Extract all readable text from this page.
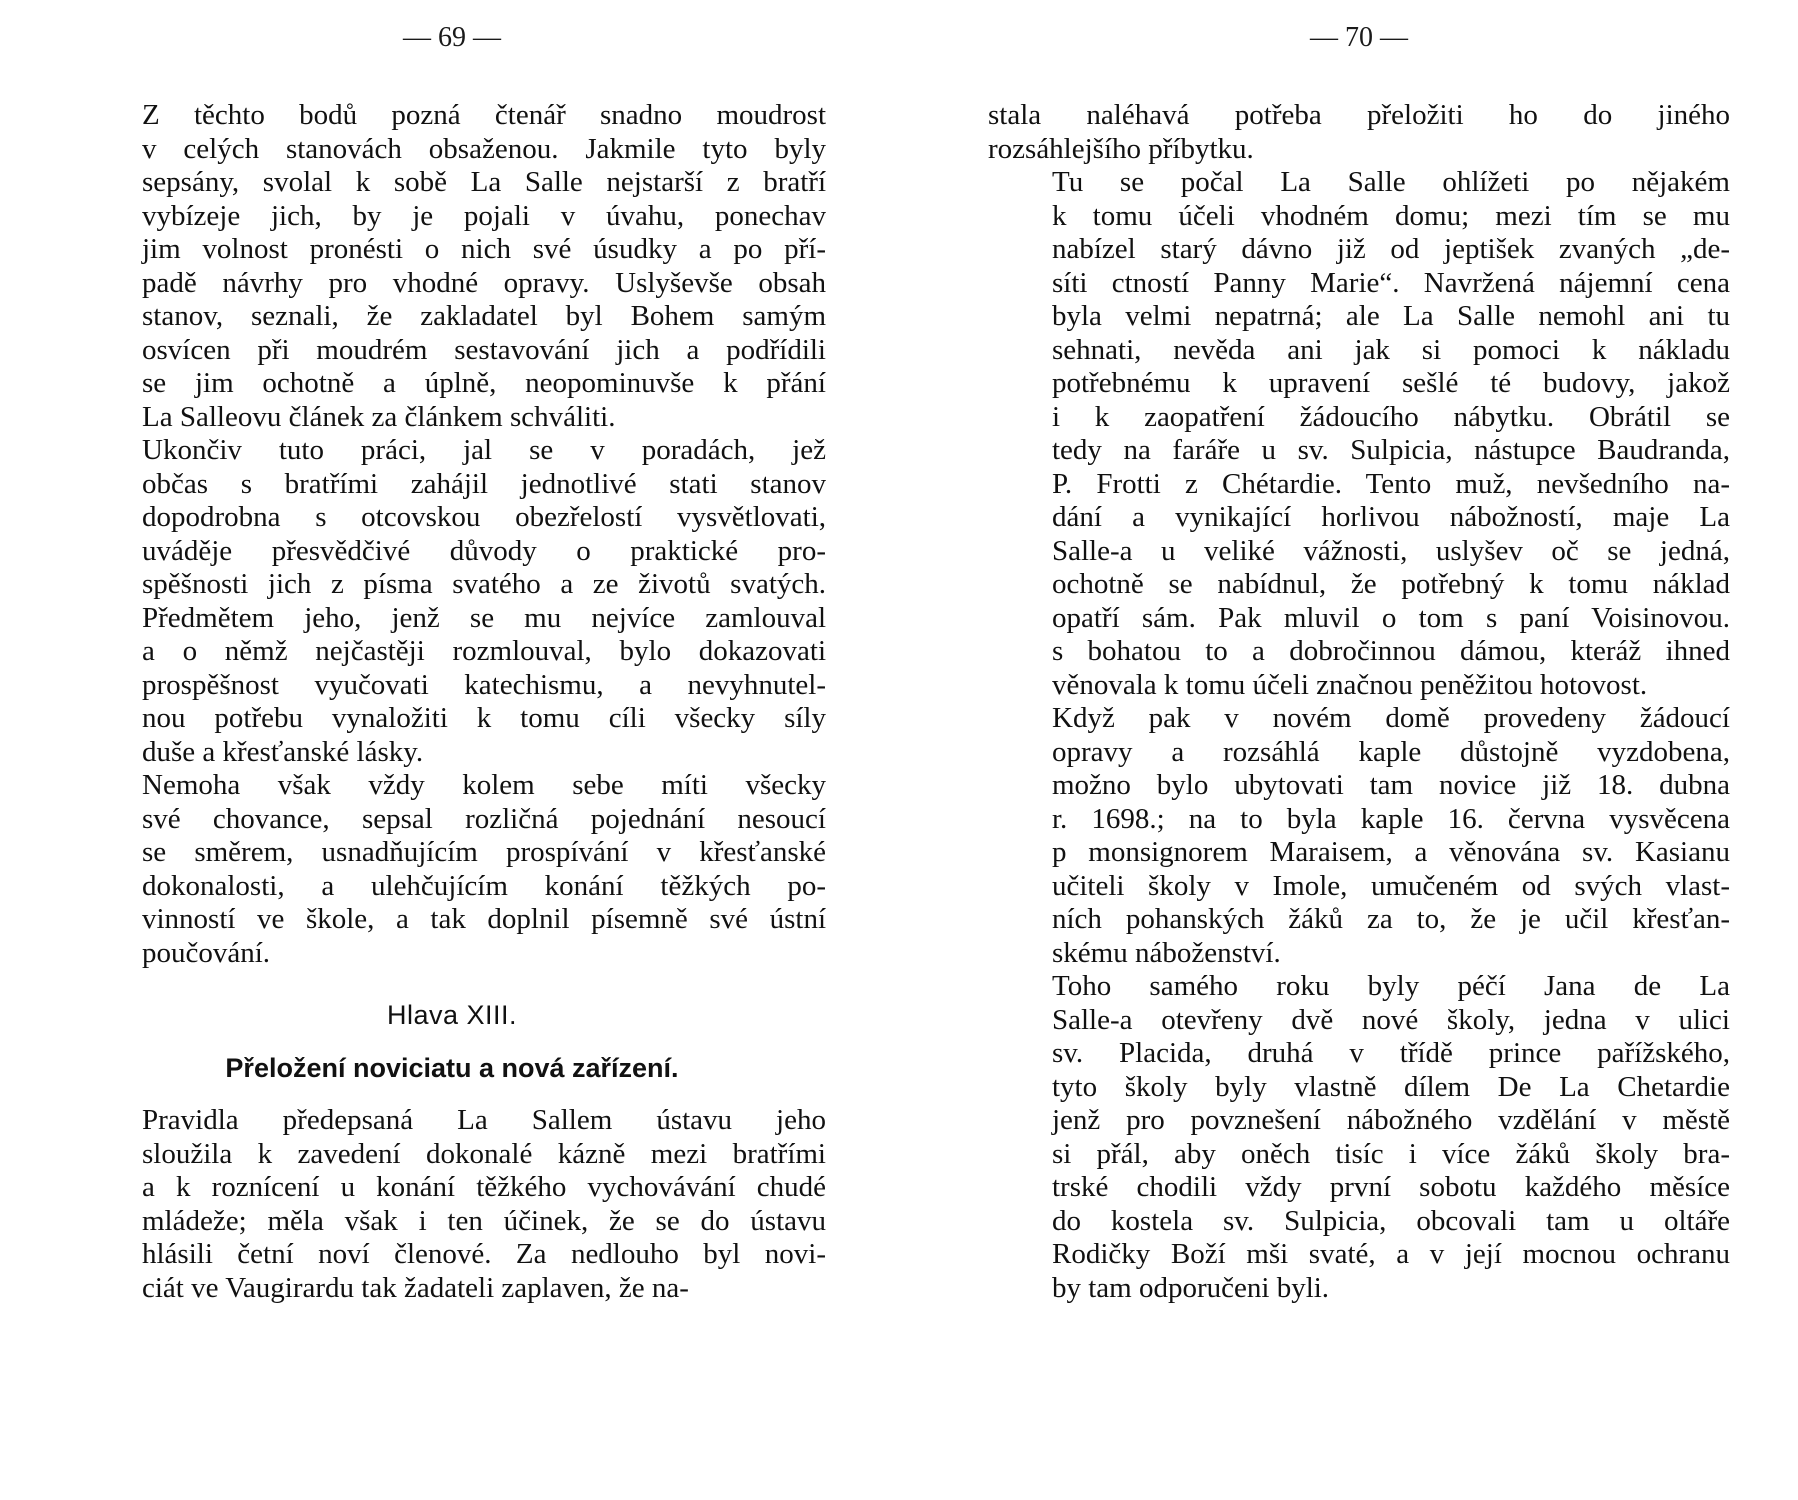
— 69 —

Z těchto bodů pozná čtenář snadno moudrost
v celých stanovách obsaženou. Jakmile tyto byly
sepsány, svolal k sobě La Salle nejstarší z bratří
vybízeje jich, by je pojali v úvahu, ponechav
jim volnost pronésti o nich své úsudky a po pří-
padě návrhy pro vhodné opravy. Uslyševše obsah
stanov, seznali, že zakladatel byl Bohem samým
osvícen při moudrém sestavování jich a podřídili
se jim ochotně a úplně, neopominuvše k přání
La Salleovu článek za článkem schváliti.

Ukončiv tuto práci, jal se v poradách, jež
občas s bratřími zahájil jednotlivé stati stanov
dopodrobna s otcovskou obezřelostí vysvětlovati,
uváděje přesvědčivé důvody o praktické pro-
spěšnosti jich z písma svatého a ze životů svatých.
Předmětem jeho, jenž se mu nejvíce zamlouval
a o němž nejčastěji rozmlouval, bylo dokazovati
prospěšnost vyučovati katechismu, a nevyhnutel-
nou potřebu vynaložiti k tomu cíli všecky síly
duše a křesťanské lásky.

Nemoha však vždy kolem sebe míti všecky
své chovance, sepsal rozličná pojednání nesoucí
se směrem, usnadňujícím prospívání v křesťanské
dokonalosti, a ulehčujícím konání těžkých po-
vinností ve škole, a tak doplnil písemně své ústní
poučování.

Hlava XIII.
Přeložení noviciatu a nová zařízení.

Pravidla předepsaná La Sallem ústavu jeho
sloužila k zavedení dokonalé kázně mezi bratřími
a k roznícení u konání těžkého vychovávání chudé
mládeže; měla však i ten účinek, že se do ústavu
hlásili četní noví členové. Za nedlouho byl novi-
ciát ve Vaugirardu tak žadateli zaplaven, že na-

— 70 —

stala naléhavá potřeba přeložiti ho do jiného
rozsáhlejšího příbytku.

Tu se počal La Salle ohlížeti po nějakém
k tomu účeli vhodném domu; mezi tím se mu
nabízel starý dávno již od jeptišek zvaných „de-
síti ctností Panny Marie“. Navržená nájemní cena
byla velmi nepatrná; ale La Salle nemohl ani tu
sehnati, nevěda ani jak si pomoci k nákladu
potřebnému k upravení sešlé té budovy, jakož
i k zaopatření žádoucího nábytku. Obrátil se
tedy na faráře u sv. Sulpicia, nástupce Baudranda,
P. Frotti z Chétardie. Tento muž, nevšedního na-
dání a vynikající horlivou nábožností, maje La
Salle-a u veliké vážnosti, uslyšev oč se jedná,
ochotně se nabídnul, že potřebný k tomu náklad
opatří sám. Pak mluvil o tom s paní Voisinovou.
s bohatou to a dobročinnou dámou, kteráž ihned
věnovala k tomu účeli značnou peněžitou hotovost.

Když pak v novém domě provedeny žádoucí
opravy a rozsáhlá kaple důstojně vyzdobena,
možno bylo ubytovati tam novice již 18. dubna
r. 1698.; na to byla kaple 16. června vysvěcena
p monsignorem Maraisem, a věnována sv. Kasianu
učiteli školy v Imole, umučeném od svých vlast-
ních pohanských žáků za to, že je učil křesťan-
skému náboženství.

Toho samého roku byly péčí Jana de La
Salle-a otevřeny dvě nové školy, jedna v ulici
sv. Placida, druhá v třídě prince pařížského,
tyto školy byly vlastně dílem De La Chetardie
jenž pro povznešení nábožného vzdělání v městě
si přál, aby oněch tisíc i více žáků školy bra-
trské chodili vždy první sobotu každého měsíce
do kostela sv. Sulpicia, obcovali tam u oltáře
Rodičky Boží mši svaté, a v její mocnou ochranu
by tam odporučeni byli.
